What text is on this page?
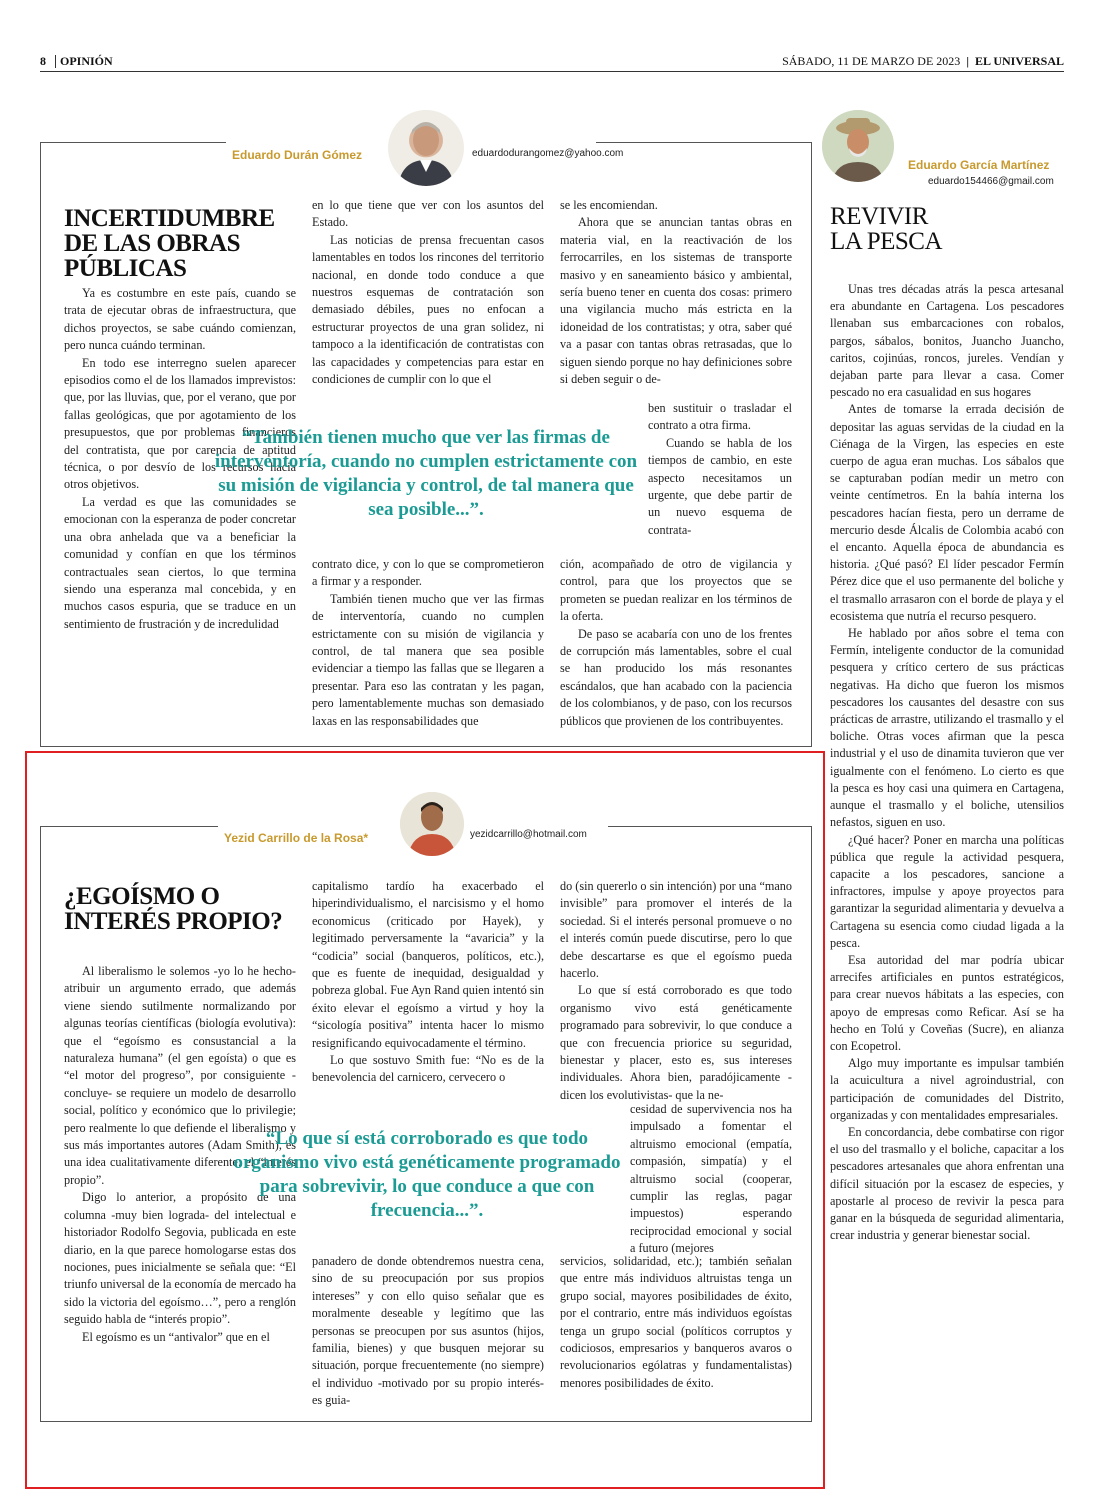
8 OPINIÓN	SÁBADO, 11 DE MARZO DE 2023 | EL UNIVERSAL
Eduardo Durán Gómez	eduardodurangomez@yahoo.com
INCERTIDUMBRE DE LAS OBRAS PÚBLICAS

Ya es costumbre en este país, cuando se trata de ejecutar obras de infraestructura, que dichos proyectos, se sabe cuándo comienzan, pero nunca cuándo terminan.

En todo ese interregno suelen aparecer episodios como el de los llamados imprevistos: que, por las lluvias, que, por el verano, que por fallas geológicas, que por agotamiento de los presupuestos, que por problemas financieros del contratista, que por carencia de aptitud técnica, o por desvío de los recursos hacia otros objetivos.

La verdad es que las comunidades se emocionan con la esperanza de poder concretar una obra anhelada que va a beneficiar la comunidad y confían en que los términos contractuales sean ciertos, lo que termina siendo una esperanza mal concebida, y en muchos casos espuria, que se traduce en un sentimiento de frustración y de incredulidad

en lo que tiene que ver con los asuntos del Estado.

Las noticias de prensa frecuentan casos lamentables en todos los rincones del territorio nacional, en donde todo conduce a que nuestros esquemas de contratación son demasiado débiles, pues no enfocan a estructurar proyectos de una gran solidez, ni tampoco a la identificación de contratistas con las capacidades y competencias para estar en condiciones de cumplir con lo que el

contrato dice, y con lo que se comprometieron a firmar y a responder.

También tienen mucho que ver las firmas de interventoría, cuando no cumplen estrictamente con su misión de vigilancia y control, de tal manera que sea posible evidenciar a tiempo las fallas que se llegaren a presentar. Para eso las contratan y les pagan, pero lamentablemente muchas son demasiado laxas en las responsabilidades que

se les encomiendan.

Ahora que se anuncian tantas obras en materia vial, en la reactivación de los ferrocarriles, en los sistemas de transporte masivo y en saneamiento básico y ambiental, sería bueno tener en cuenta dos cosas: primero una vigilancia mucho más estricta en la idoneidad de los contratistas; y otra, saber qué va a pasar con tantas obras retrasadas, que lo siguen siendo porque no hay definiciones sobre si deben seguir o de-

ben sustituir o trasladar el contrato a otra firma.

Cuando se habla de los tiempos de cambio, en este aspecto necesitamos un urgente, que debe partir de un nuevo esquema de contrata-

ción, acompañado de otro de vigilancia y control, para que los proyectos que se prometen se puedan realizar en los términos de la oferta.

De paso se acabaría con uno de los frentes de corrupción más lamentables, sobre el cual se han producido los más resonantes escándalos, que han acabado con la paciencia de los colombianos, y de paso, con los recursos públicos que provienen de los contribuyentes.

“También tienen mucho que ver las firmas de interventoría, cuando no cumplen estrictamente con su misión de vigilancia y control, de tal manera que sea posible...”.
Yezid Carrillo de la Rosa*	yezidcarrillo@hotmail.com
¿EGOÍSMO O INTERÉS PROPIO?

Al liberalismo le solemos -yo lo he hecho- atribuir un argumento errado, que además viene siendo sutilmente normalizando por algunas teorías científicas (biología evolutiva): que el “egoísmo es consustancial a la naturaleza humana” (el gen egoísta) o que es “el motor del progreso”, por consiguiente -concluye- se requiere un modelo de desarrollo social, político y económico que lo privilegie; pero realmente lo que defiende el liberalismo y sus más importantes autores (Adam Smith), es una idea cualitativamente diferente: el “interés propio”.

Digo lo anterior, a propósito de una columna -muy bien lograda- del intelectual e historiador Rodolfo Segovia, publicada en este diario, en la que parece homologarse estas dos nociones, pues inicialmente se señala que: “El triunfo universal de la economía de mercado ha sido la victoria del egoísmo…”, pero a renglón seguido habla de “interés propio”.

El egoísmo es un “antivalor” que en el

capitalismo tardío ha exacerbado el hiperindividualismo, el narcisismo y el homo economicus (criticado por Hayek), y legitimado perversamente la “avaricia” y la “codicia” social (banqueros, políticos, etc.), que es fuente de inequidad, desigualdad y pobreza global. Fue Ayn Rand quien intentó sin éxito elevar el egoísmo a virtud y hoy la “sicología positiva” intenta hacer lo mismo resignificando equivocadamente el término.

Lo que sostuvo Smith fue: “No es de la benevolencia del carnicero, cervecero o

panadero de donde obtendremos nuestra cena, sino de su preocupación por sus propios intereses” y con ello quiso señalar que es moralmente deseable y legítimo que las personas se preocupen por sus asuntos (hijos, familia, bienes) y que busquen mejorar su situación, porque frecuentemente (no siempre) el individuo -motivado por su propio interés- es guia-

do (sin quererlo o sin intención) por una “mano invisible” para promover el interés de la sociedad. Si el interés personal promueve o no el interés común puede discutirse, pero lo que debe descartarse es que el egoísmo pueda hacerlo.

Lo que sí está corroborado es que todo organismo vivo está genéticamente programado para sobrevivir, lo que conduce a que con frecuencia priorice su seguridad, bienestar y placer, esto es, sus intereses individuales. Ahora bien, paradójicamente -dicen los evolutivistas- que la ne-

cesidad de supervivencia nos ha impulsado a fomentar el altruismo emocional (empatía, compasión, simpatía) y el altruismo social (cooperar, cumplir las reglas, pagar impuestos) esperando reciprocidad emocional y social a futuro (mejores

servicios, solidaridad, etc.); también señalan que entre más individuos altruistas tenga un grupo social, mayores posibilidades de éxito, por el contrario, entre más individuos egoístas tenga un grupo social (políticos corruptos y codiciosos, empresarios y banqueros avaros o revolucionarios ególatras y fundamentalistas) menores posibilidades de éxito.

“Lo que sí está corroborado es que todo organismo vivo está genéticamente programado para sobrevivir, lo que conduce a que con frecuencia...”.
Eduardo García Martínez
eduardo154466@gmail.com
REVIVIR
LA PESCA

Unas tres décadas atrás la pesca artesanal era abundante en Cartagena. Los pescadores llenaban sus embarcaciones con robalos, pargos, sábalos, bonitos, Juancho Juancho, caritos, cojinúas, roncos, jureles. Vendían y dejaban parte para llevar a casa. Comer pescado no era casualidad en sus hogares

Antes de tomarse la errada decisión de depositar las aguas servidas de la ciudad en la Ciénaga de la Virgen, las especies en este cuerpo de agua eran muchas. Los sábalos que se capturaban podían medir un metro con veinte centímetros. En la bahía interna los pescadores hacían fiesta, pero un derrame de mercurio desde Álcalis de Colombia acabó con el encanto. Aquella época de abundancia es historia. ¿Qué pasó? El líder pescador Fermín Pérez dice que el uso permanente del boliche y el trasmallo arrasaron con el borde de playa y el ecosistema que nutría el recurso pesquero.

He hablado por años sobre el tema con Fermín, inteligente conductor de la comunidad pesquera y crítico certero de sus prácticas negativas. Ha dicho que fueron los mismos pescadores los causantes del desastre con sus prácticas de arrastre, utilizando el trasmallo y el boliche. Otras voces afirman que la pesca industrial y el uso de dinamita tuvieron que ver igualmente con el fenómeno. Lo cierto es que la pesca es hoy casi una quimera en Cartagena, aunque el trasmallo y el boliche, utensilios nefastos, siguen en uso.

¿Qué hacer? Poner en marcha una políticas pública que regule la actividad pesquera, capacite a los pescadores, sancione a infractores, impulse y apoye proyectos para garantizar la seguridad alimentaria y devuelva a Cartagena su esencia como ciudad ligada a la pesca.

Esa autoridad del mar podría ubicar arrecifes artificiales en puntos estratégicos, para crear nuevos hábitats a las especies, con apoyo de empresas como Reficar. Así se ha hecho en Tolú y Coveñas (Sucre), en alianza con Ecopetrol.

Algo muy importante es impulsar también la acuicultura a nivel agroindustrial, con participación de comunidades del Distrito, organizadas y con mentalidades empresariales.

En concordancia, debe combatirse con rigor el uso del trasmallo y el boliche, capacitar a los pescadores artesanales que ahora enfrentan una difícil situación por la escasez de especies, y apostarle al proceso de revivir la pesca para ganar en la búsqueda de seguridad alimentaria, crear industria y generar bienestar social.
